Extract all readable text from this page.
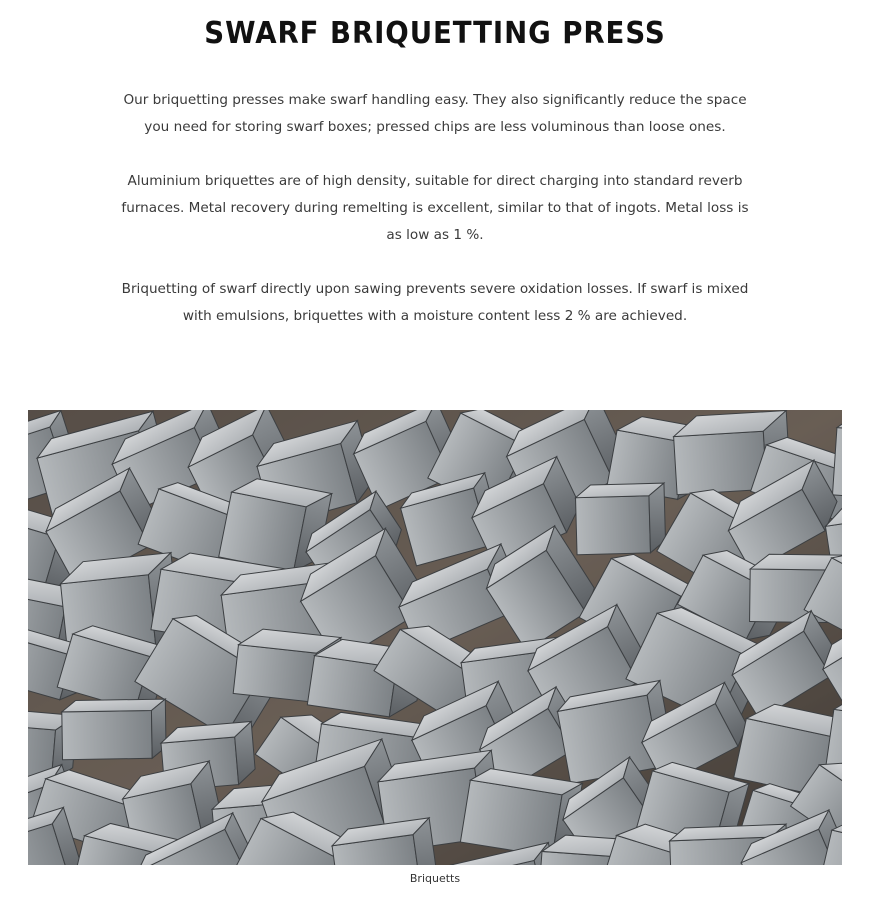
SWARF BRIQUETTING PRESS

Our briquetting presses make swarf handling easy. They also significantly reduce the space you need for storing swarf boxes; pressed chips are less voluminous than loose ones.

Aluminium briquettes are of high density, suitable for direct charging into standard reverb furnaces. Metal recovery during remelting is excellent, similar to that of ingots. Metal loss is as low as 1 %.

Briquetting of swarf directly upon sawing prevents severe oxidation losses. If swarf is mixed with emulsions, briquettes with a moisture content less 2 % are achieved.

Briquetts
